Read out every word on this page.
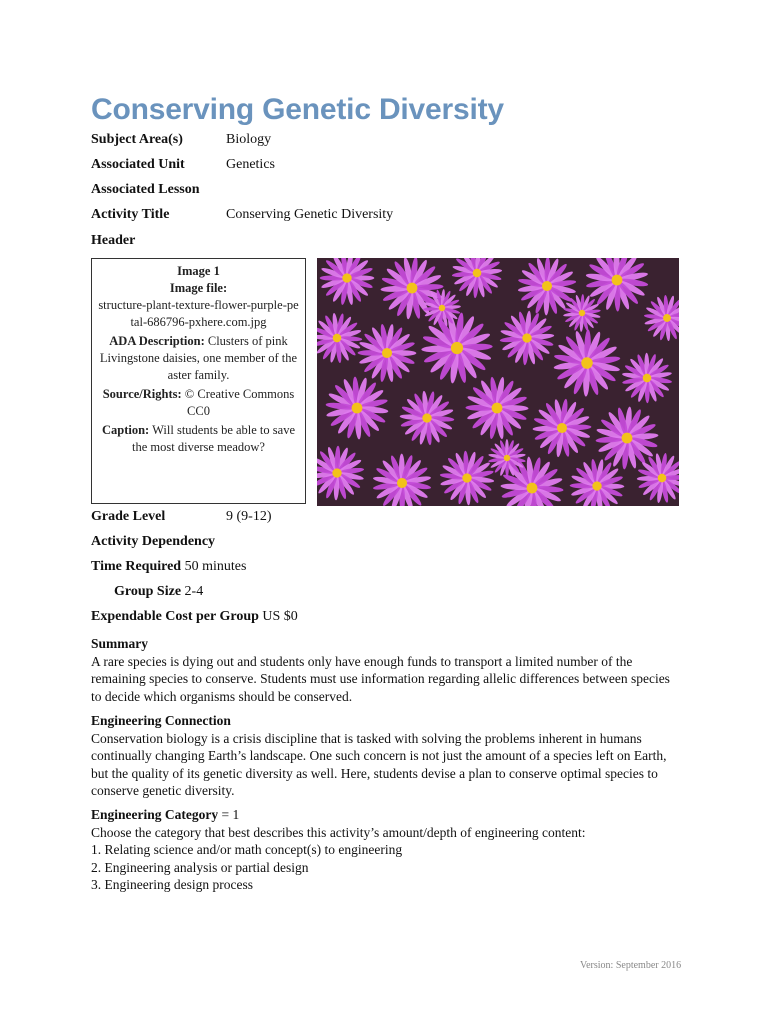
Conserving Genetic Diversity
Subject Area(s)	Biology
Associated Unit	Genetics
Associated Lesson
Activity Title	Conserving Genetic Diversity
Header

Image 1

Image file:

structure-plant-texture-flower-purple-petal-686796-pxhere.com.jpg

ADA Description: Clusters of pink Livingstone daisies, one member of the aster family.

Source/Rights: © Creative Commons CC0

Caption: Will students be able to save the most diverse meadow?

Grade Level	9 (9-12)
Activity Dependency
Time Required 50 minutes
Group Size 2-4
Expendable Cost per Group US $0

Summary

A rare species is dying out and students only have enough funds to transport a limited number of the remaining species to conserve. Students must use information regarding allelic differences between species to decide which organisms should be conserved.

Engineering Connection

Conservation biology is a crisis discipline that is tasked with solving the problems inherent in humans continually changing Earth’s landscape. One such concern is not just the amount of a species left on Earth, but the quality of its genetic diversity as well. Here, students devise a plan to conserve optimal species to conserve genetic diversity.

Engineering Category = 1

Choose the category that best describes this activity’s amount/depth of engineering content:

1. Relating science and/or math concept(s) to engineering
2. Engineering analysis or partial design
3. Engineering design process
Version: September 2016
